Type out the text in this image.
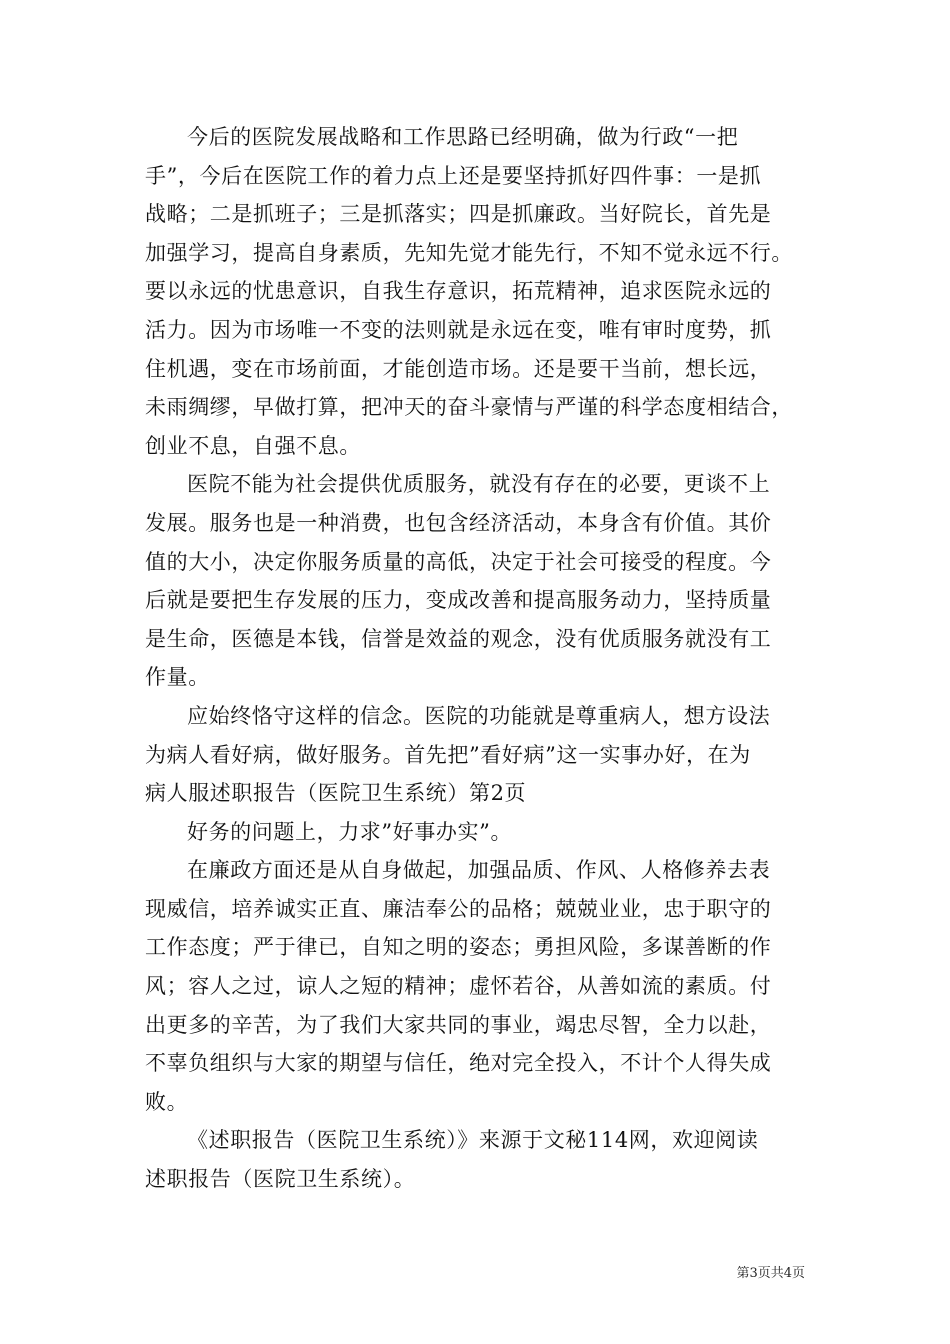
今后的医院发展战略和工作思路已经明确，做为行政“一把
手”，今后在医院工作的着力点上还是要坚持抓好四件事：一是抓
战略；二是抓班子；三是抓落实；四是抓廉政。当好院长，首先是
加强学习，提高自身素质，先知先觉才能先行，不知不觉永远不行。
要以永远的忧患意识，自我生存意识，拓荒精神，追求医院永远的
活力。因为市场唯一不变的法则就是永远在变，唯有审时度势，抓
住机遇，变在市场前面，才能创造市场。还是要干当前，想长远，
未雨绸缪，早做打算，把冲天的奋斗豪情与严谨的科学态度相结合，
创业不息，自强不息。
医院不能为社会提供优质服务，就没有存在的必要，更谈不上
发展。服务也是一种消费，也包含经济活动，本身含有价值。其价
值的大小，决定你服务质量的高低，决定于社会可接受的程度。今
后就是要把生存发展的压力，变成改善和提高服务动力，坚持质量
是生命，医德是本钱，信誉是效益的观念，没有优质服务就没有工
作量。
应始终恪守这样的信念。医院的功能就是尊重病人，想方设法
为病人看好病，做好服务。首先把”看好病”这一实事办好，在为
病人服述职报告（医院卫生系统）第2页
好务的问题上，力求”好事办实”。
在廉政方面还是从自身做起，加强品质、作风、人格修养去表
现威信，培养诚实正直、廉洁奉公的品格；兢兢业业，忠于职守的
工作态度；严于律已，自知之明的姿态；勇担风险，多谋善断的作
风；容人之过，谅人之短的精神；虚怀若谷，从善如流的素质。付
出更多的辛苦，为了我们大家共同的事业，竭忠尽智，全力以赴，
不辜负组织与大家的期望与信任，绝对完全投入，不计个人得失成
败。
《述职报告（医院卫生系统）》来源于文秘114网，欢迎阅读
述职报告（医院卫生系统）。
第3页共4页
